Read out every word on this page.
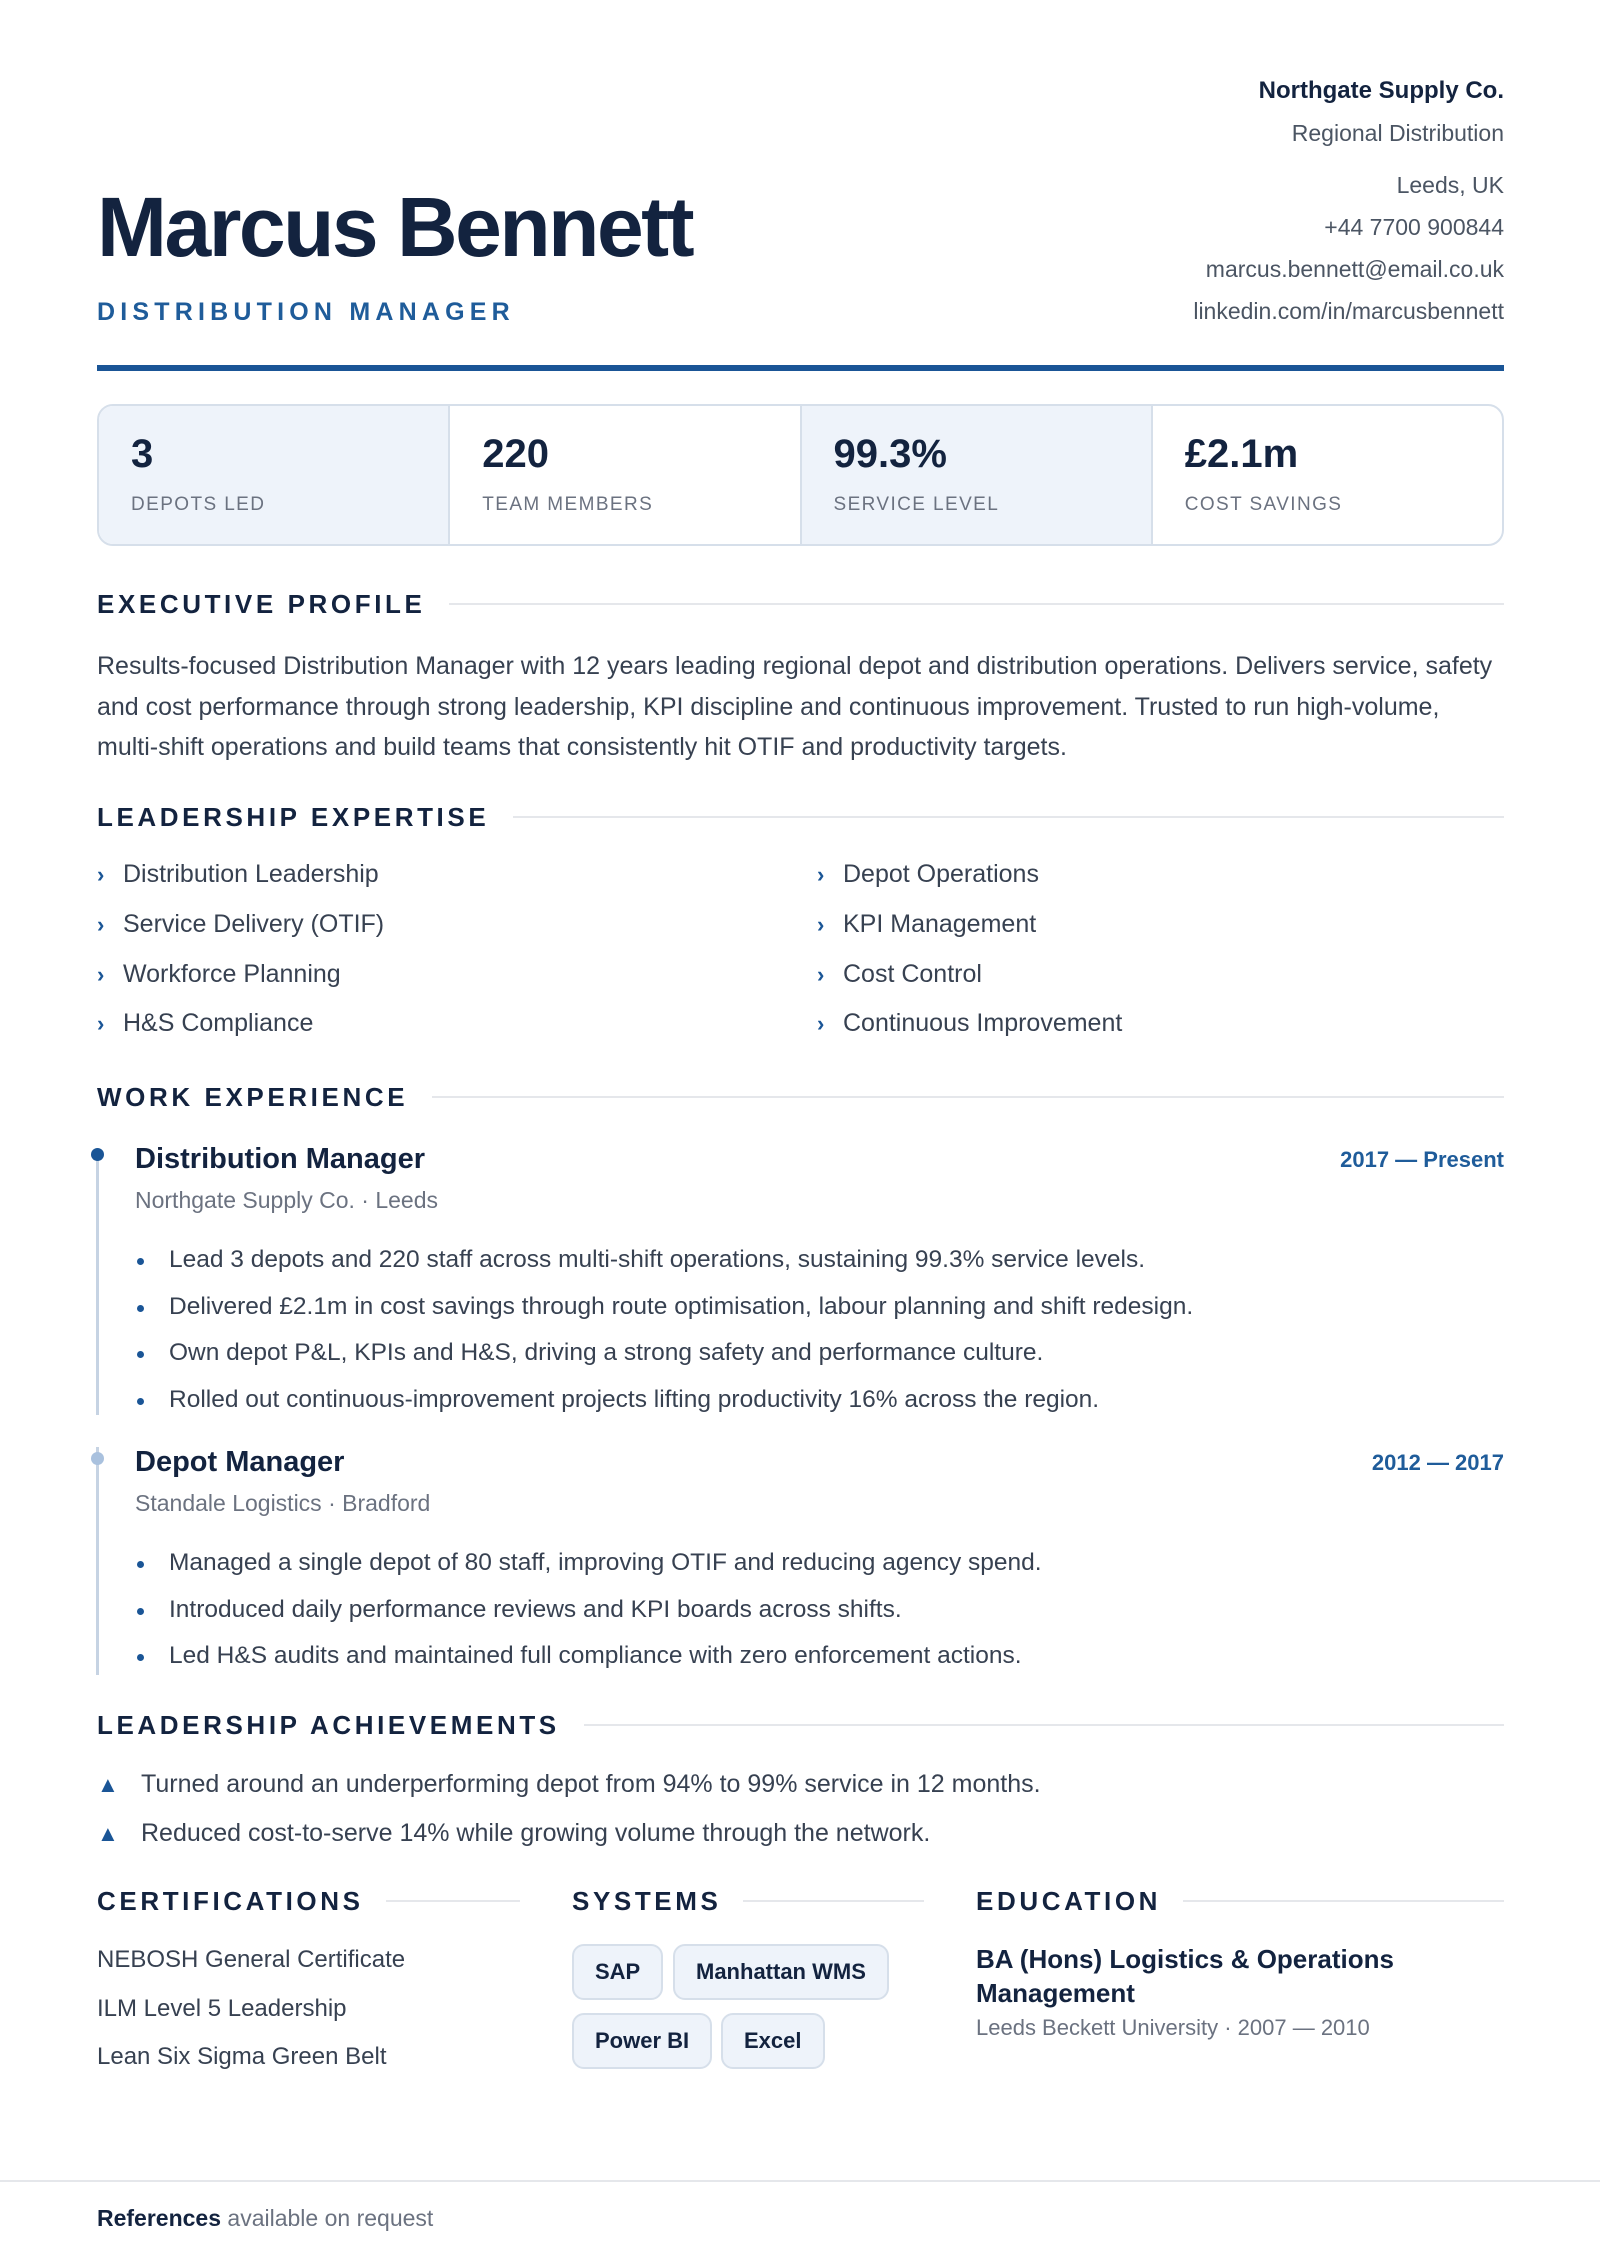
Marcus Bennett
DISTRIBUTION MANAGER
Northgate Supply Co.
Regional Distribution
Leeds, UK
+44 7700 900844
marcus.bennett@email.co.uk
linkedin.com/in/marcusbennett
3
DEPOTS LED
220
TEAM MEMBERS
99.3%
SERVICE LEVEL
£2.1m
COST SAVINGS
EXECUTIVE PROFILE
Results-focused Distribution Manager with 12 years leading regional depot and distribution operations. Delivers service, safety and cost performance through strong leadership, KPI discipline and continuous improvement. Trusted to run high-volume, multi-shift operations and build teams that consistently hit OTIF and productivity targets.
LEADERSHIP EXPERTISE
› Distribution Leadership	› Depot Operations
› Service Delivery (OTIF)	› KPI Management
› Workforce Planning	› Cost Control
› H&S Compliance	› Continuous Improvement
WORK EXPERIENCE
Distribution Manager	2017 — Present
Northgate Supply Co. · Leeds
Lead 3 depots and 220 staff across multi-shift operations, sustaining 99.3% service levels.
Delivered £2.1m in cost savings through route optimisation, labour planning and shift redesign.
Own depot P&L, KPIs and H&S, driving a strong safety and performance culture.
Rolled out continuous-improvement projects lifting productivity 16% across the region.
Depot Manager	2012 — 2017
Standale Logistics · Bradford
Managed a single depot of 80 staff, improving OTIF and reducing agency spend.
Introduced daily performance reviews and KPI boards across shifts.
Led H&S audits and maintained full compliance with zero enforcement actions.
LEADERSHIP ACHIEVEMENTS
▲ Turned around an underperforming depot from 94% to 99% service in 12 months.
▲ Reduced cost-to-serve 14% while growing volume through the network.
CERTIFICATIONS
NEBOSH General Certificate
ILM Level 5 Leadership
Lean Six Sigma Green Belt
SYSTEMS
SAP	Manhattan WMS
Power BI	Excel
EDUCATION
BA (Hons) Logistics & Operations Management
Leeds Beckett University · 2007 — 2010
References available on request
